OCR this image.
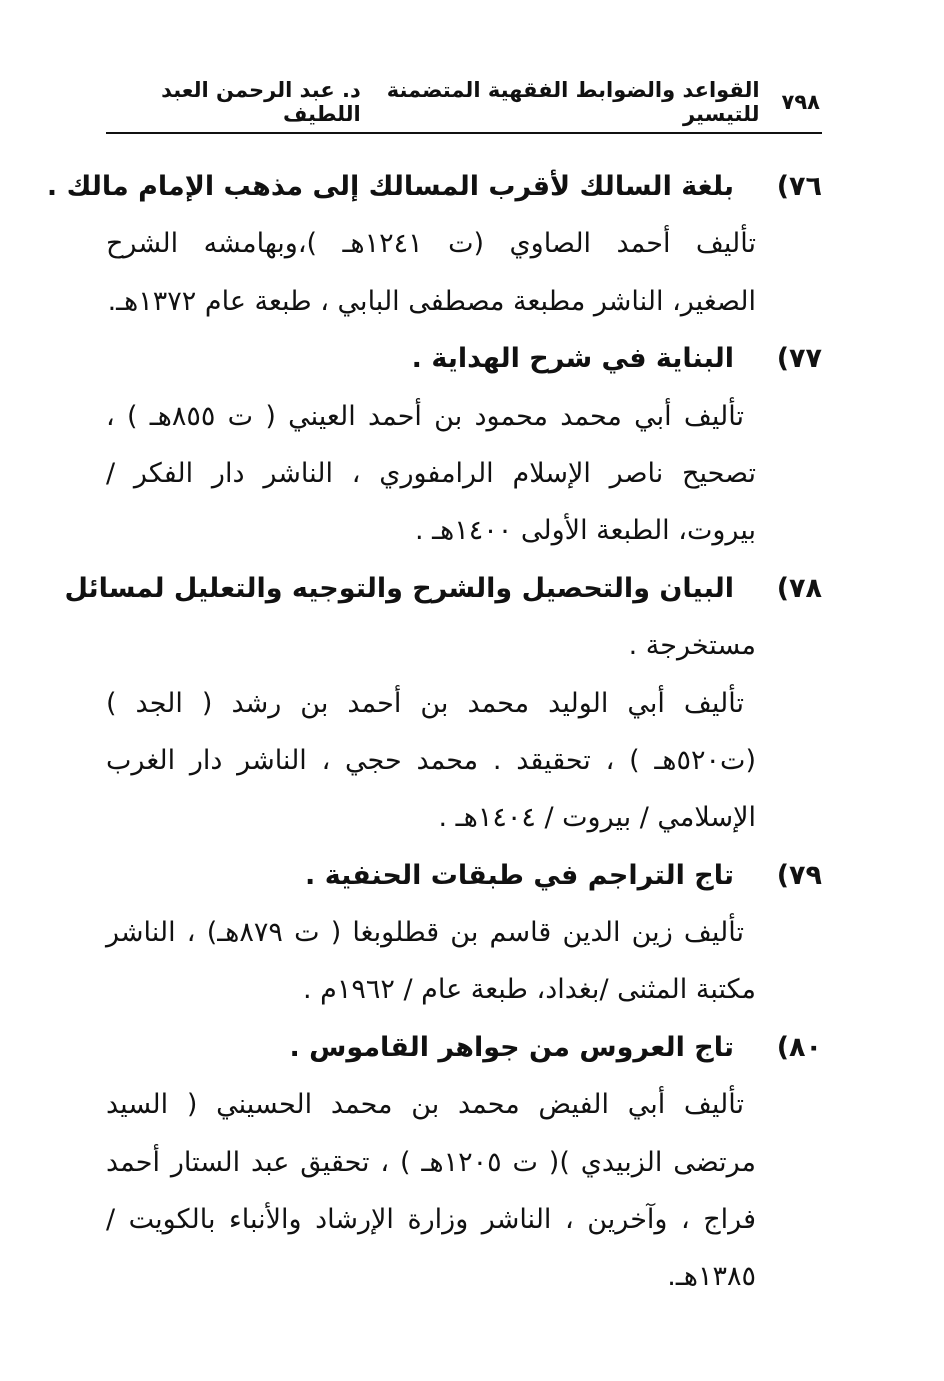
٧٩٨
القواعد والضوابط الفقهية المتضمنة للتيسير
د. عبد الرحمن العبد اللطيف
٧٦)
بلغة السالك لأقرب المسالك إلى مذهب الإمام مالك .
تأليف أحمد الصاوي (ت ١٢٤١هـ )،وبهامشه الشرح
الصغير، الناشر مطبعة مصطفى البابي ، طبعة عام ١٣٧٢هـ.
٧٧)
البناية في شرح الهداية .
تأليف أبي محمد محمود بن أحمد العيني ( ت ٨٥٥هـ ) ،
تصحيح ناصر الإسلام الرامفوري ، الناشر دار الفكر /
بيروت، الطبعة الأولى ١٤٠٠هـ .
٧٨)
البيان والتحصيل والشرح والتوجيه والتعليل لمسائل
مستخرجة .
تأليف أبي الوليد محمد بن أحمد بن رشد ( الجد )
(ت٥٢٠هـ ) ، تحقيقد . محمد حجي ، الناشر دار الغرب
الإسلامي / بيروت / ١٤٠٤هـ .
٧٩)
تاج التراجم في طبقات الحنفية .
تأليف زين الدين قاسم بن قطلوبغا ( ت ٨٧٩هـ) ، الناشر
مكتبة المثنى /بغداد، طبعة عام / ١٩٦٢م .
٨٠)
تاج العروس من جواهر القاموس .
تأليف أبي الفيض محمد بن محمد الحسيني ( السيد
مرتضى الزبيدي )( ت ١٢٠٥هـ ) ، تحقيق عبد الستار أحمد
فراج ، وآخرين ، الناشر وزارة الإرشاد والأنباء بالكويت /
١٣٨٥هـ.
